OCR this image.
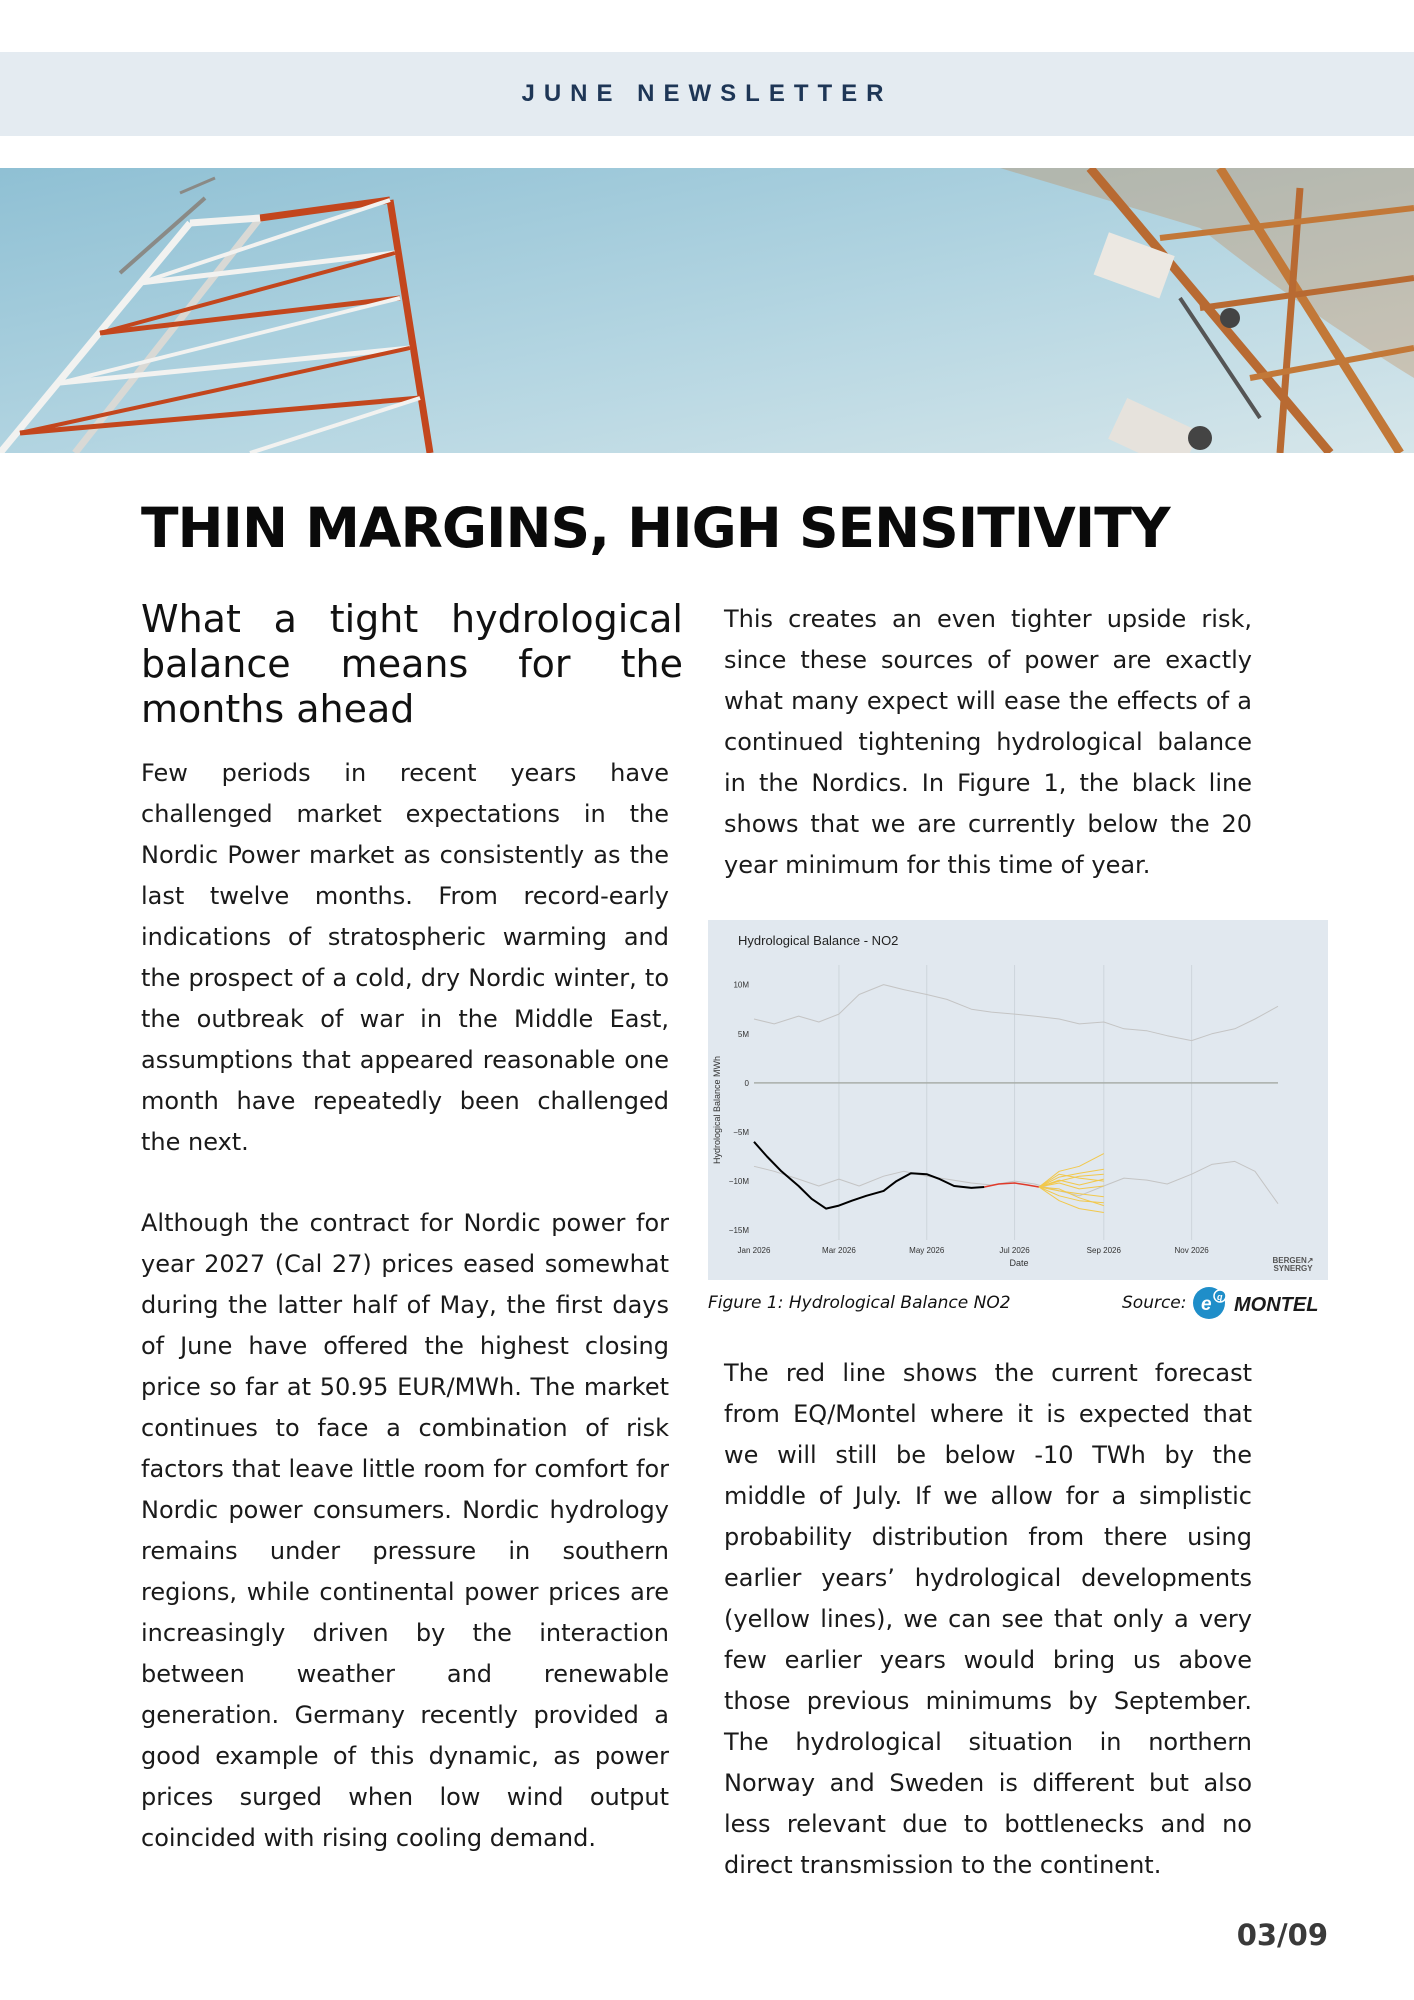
JUNE NEWSLETTER
THIN MARGINS, HIGH SENSITIVITY
What a tight hydrological balance means for the months ahead

Few periods in recent years have challenged market expectations in the Nordic Power market as consistently as the last twelve months. From record-early indications of stratospheric warming and the prospect of a cold, dry Nordic winter, to the outbreak of war in the Middle East, assumptions that appeared reasonable one month have repeatedly been challenged the next.

Although the contract for Nordic power for year 2027 (Cal 27) prices eased somewhat during the latter half of May, the first days of June have offered the highest closing price so far at 50.95 EUR/MWh. The market continues to face a combination of risk factors that leave little room for comfort for Nordic power consumers. Nordic hydrology remains under pressure in southern regions, while continental power prices are increasingly driven by the interaction between weather and renewable generation. Germany recently provided a good example of this dynamic, as power prices surged when low wind output coincided with rising cooling demand.

This creates an even tighter upside risk, since these sources of power are exactly what many expect will ease the effects of a continued tightening hydrological balance in the Nordics. In Figure 1, the black line shows that we are currently below the 20 year minimum for this time of year.

The red line shows the current forecast from EQ/Montel where it is expected that we will still be below -10 TWh by the middle of July. If we allow for a simplistic probability distribution from there using earlier years’ hydrological developments (yellow lines), we can see that only a very few earlier years would bring us above those previous minimums by September. The hydrological situation in northern Norway and Sweden is different but also less relevant due to bottlenecks and no direct transmission to the continent.

Hydrological Balance - NO2
Hydrological Balance MWh
Date	BERGEN↗
SYNERGY
Jan 2026	Mar 2026	May 2026	Jul 2026	Sep 2026	Nov 2026
10M
5M
0
−5M
−10M
−15M
Figure 1: Hydrological Balance NO2	Source: e q MONTEL
03/09
